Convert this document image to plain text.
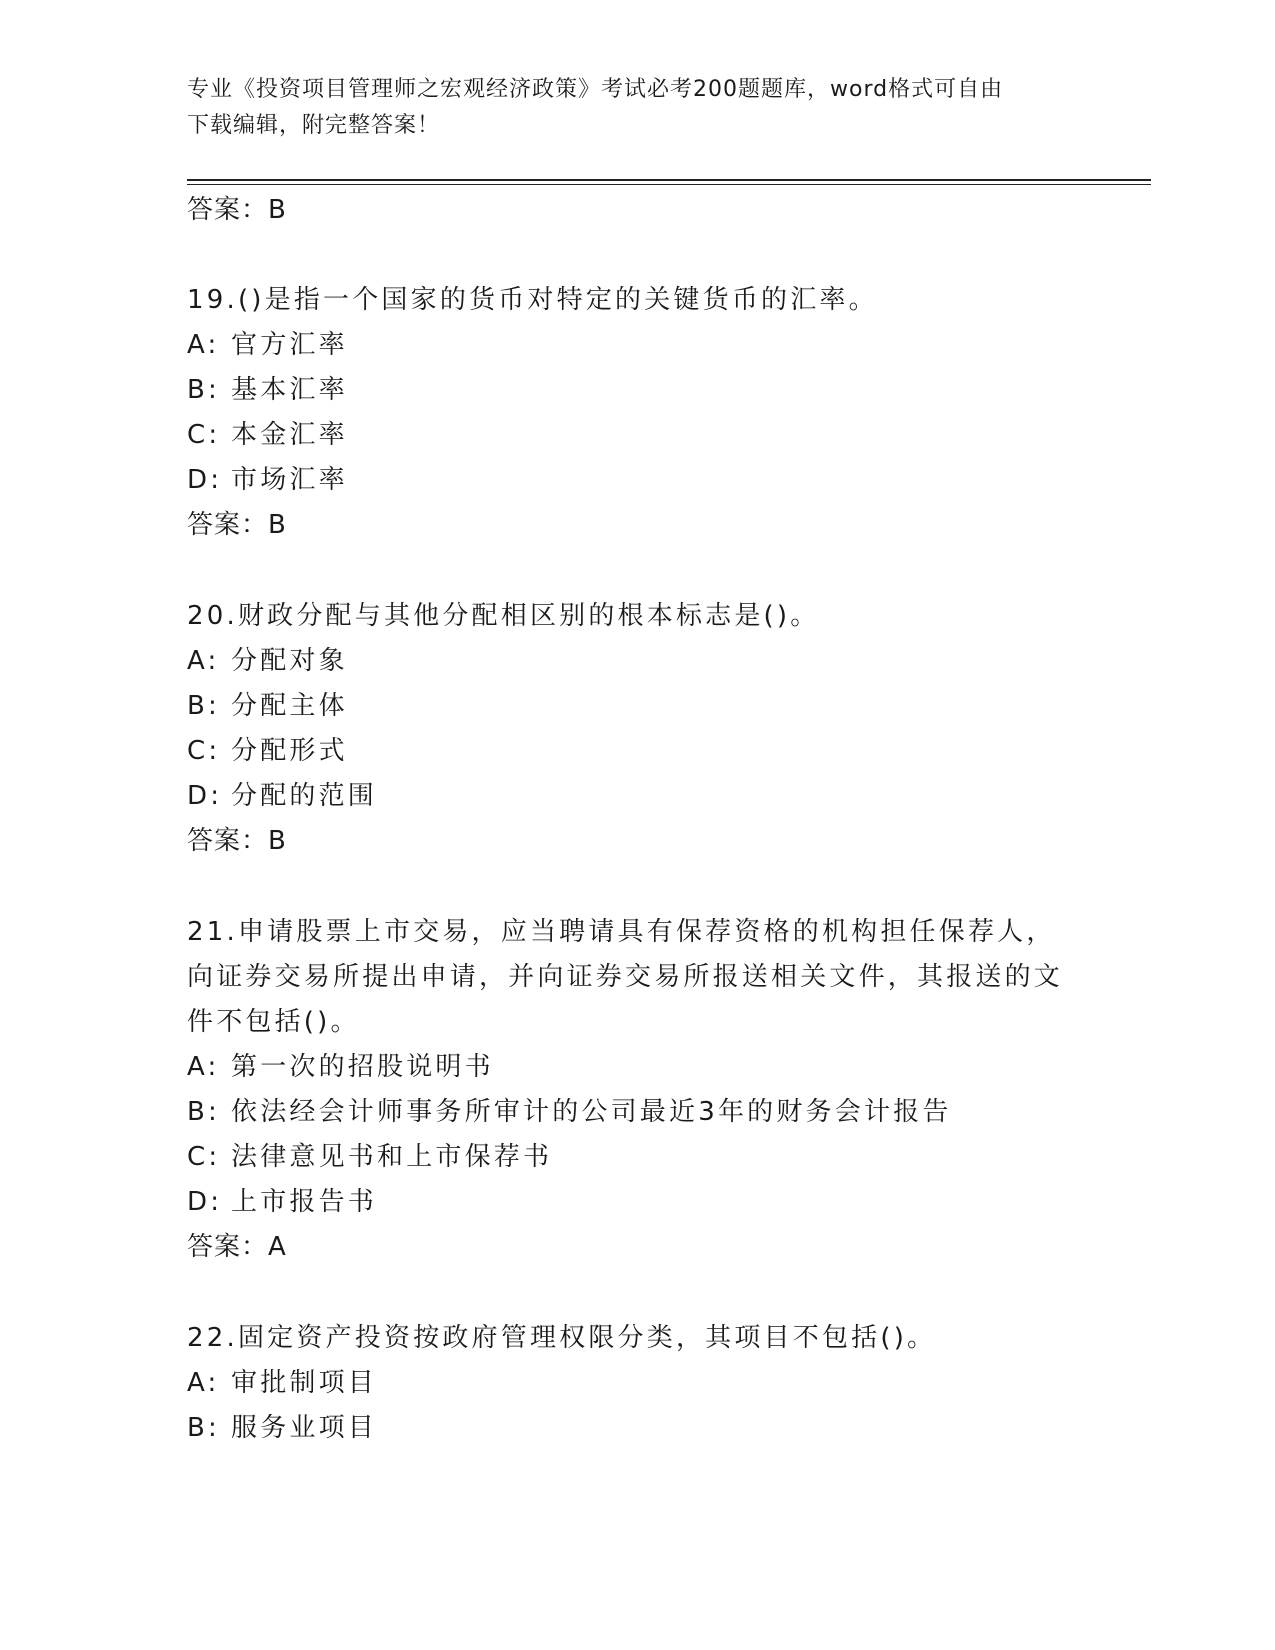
专业《投资项目管理师之宏观经济政策》考试必考200题题库，word格式可自由
下载编辑，附完整答案！
答案：B

19.()是指一个国家的货币对特定的关键货币的汇率。

A: 官方汇率

B: 基本汇率

C: 本金汇率

D: 市场汇率

答案：B

20.财政分配与其他分配相区别的根本标志是()。

A: 分配对象

B: 分配主体

C: 分配形式

D: 分配的范围

答案：B

21.申请股票上市交易，应当聘请具有保荐资格的机构担任保荐人，向证券交易所提出申请，并向证券交易所报送相关文件，其报送的文件不包括()。

A: 第一次的招股说明书

B: 依法经会计师事务所审计的公司最近3年的财务会计报告

C: 法律意见书和上市保荐书

D: 上市报告书

答案：A

22.固定资产投资按政府管理权限分类，其项目不包括()。

A: 审批制项目

B: 服务业项目
